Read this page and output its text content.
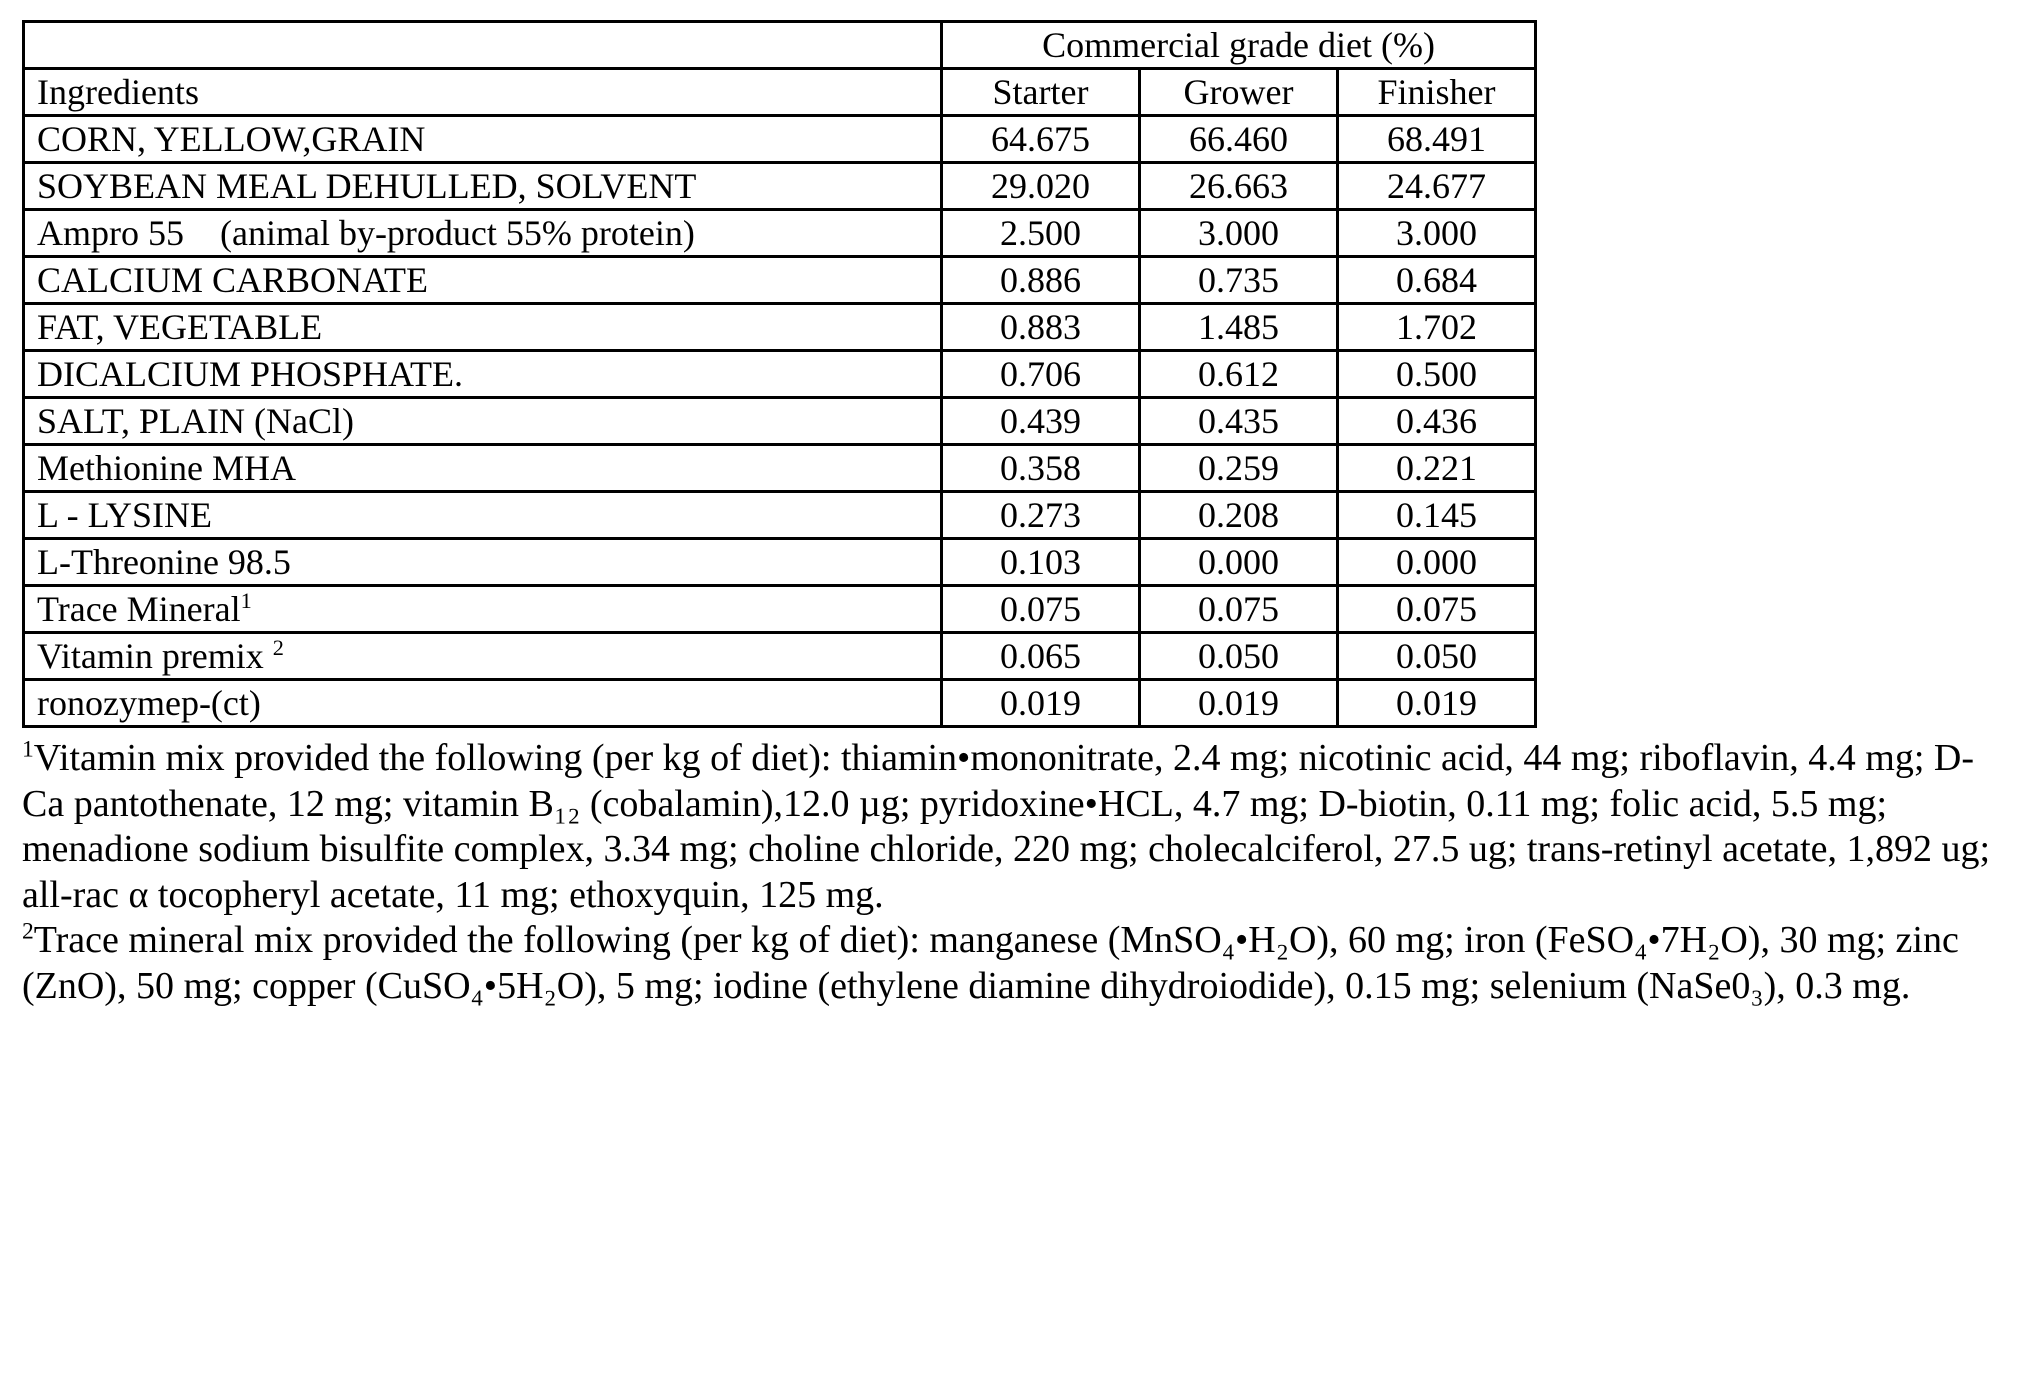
	Commercial grade diet (%)		
Ingredients	Starter	Grower	Finisher
CORN, YELLOW,GRAIN	64.675	66.460	68.491
SOYBEAN MEAL DEHULLED, SOLVENT	29.020	26.663	24.677
Ampro 55    (animal by-product 55% protein)	2.500	3.000	3.000
CALCIUM CARBONATE	0.886	0.735	0.684
FAT, VEGETABLE	0.883	1.485	1.702
DICALCIUM PHOSPHATE.	0.706	0.612	0.500
SALT, PLAIN (NaCl)	0.439	0.435	0.436
Methionine MHA	0.358	0.259	0.221
L - LYSINE	0.273	0.208	0.145
L-Threonine 98.5	0.103	0.000	0.000
Trace Mineral$^1$	0.075	0.075	0.075
Vitamin premix $^2$	0.065	0.050	0.050
ronozymep-(ct)	0.019	0.019	0.019

$^1$Vitamin mix provided the following (per kg of diet): thiamin•mononitrate, 2.4 mg; nicotinic acid, 44 mg; riboflavin, 4.4 mg; D-Ca pantothenate, 12 mg; vitamin B₁₂ (cobalamin),12.0 µg; pyridoxine•HCL, 4.7 mg; D-biotin, 0.11 mg; folic acid, 5.5 mg; menadione sodium bisulfite complex, 3.34 mg; choline chloride, 220 mg; cholecalciferol, 27.5 ug; trans-retinyl acetate, 1,892 ug; all-rac α tocopheryl acetate, 11 mg; ethoxyquin, 125 mg.

$^2$Trace mineral mix provided the following (per kg of diet): manganese (MnSO₄•H₂O), 60 mg; iron (FeSO₄•7H₂O), 30 mg; zinc (ZnO), 50 mg; copper (CuSO₄•5H₂O), 5 mg; iodine (ethylene diamine dihydroiodide), 0.15 mg; selenium (NaSe0₃), 0.3 mg.
